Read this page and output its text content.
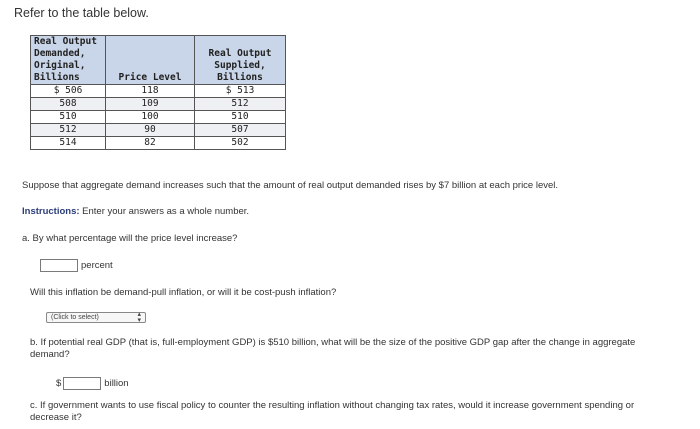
Refer to the table below.
Real Output
Demanded,
Original,
Billions	Price Level	Real Output
Supplied,
Billions

$ 506	118	$ 513
508	109	512
510	100	510
512	90	507
514	82	502
Suppose that aggregate demand increases such that the amount of real output demanded rises by $7 billion at each price level.
Instructions: Enter your answers as a whole number.
a. By what percentage will the price level increase?
percent
Will this inflation be demand-pull inflation, or will it be cost-push inflation?
(Click to select)	▴
▾
b. If potential real GDP (that is, full-employment GDP) is $510 billion, what will be the size of the positive GDP gap after the change in aggregate demand?
$	billion
c. If government wants to use fiscal policy to counter the resulting inflation without changing tax rates, would it increase government spending or decrease it?
